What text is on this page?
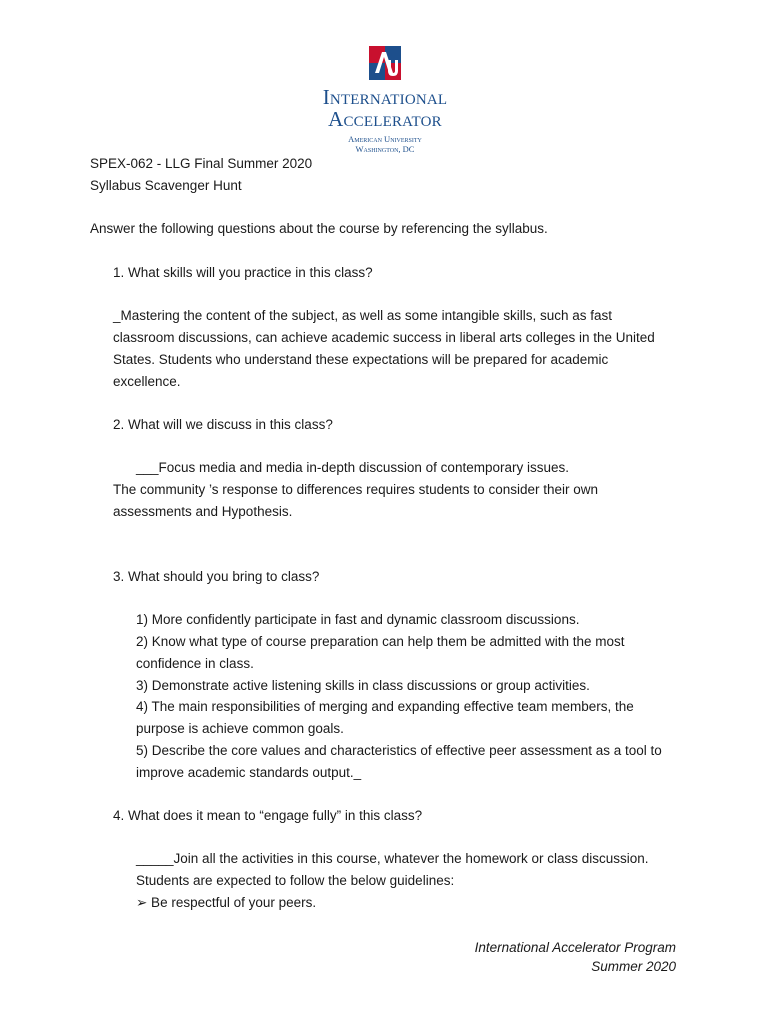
International
Accelerator
American University
Washington, DC
SPEX-062 - LLG Final Summer 2020
Syllabus Scavenger Hunt
Answer the following questions about the course by referencing the syllabus.
1. What skills will you practice in this class?
_Mastering the content of the subject, as well as some intangible skills, such as fast
classroom discussions, can achieve academic success in liberal arts colleges in the United
States. Students who understand these expectations will be prepared for academic
excellence.
2. What will we discuss in this class?
___Focus media and media in-depth discussion of contemporary issues.
The community ’s response to differences requires students to consider their own
assessments and Hypothesis.
3. What should you bring to class?
1) More confidently participate in fast and dynamic classroom discussions.
2) Know what type of course preparation can help them be admitted with the most
confidence in class.
3) Demonstrate active listening skills in class discussions or group activities.
4) The main responsibilities of merging and expanding effective team members, the
purpose is achieve common goals.
5) Describe the core values and characteristics of effective peer assessment as a tool to
improve academic standards output._
4. What does it mean to “engage fully” in this class?
_____Join all the activities in this course, whatever the homework or class discussion.
Students are expected to follow the below guidelines:
➢ Be respectful of your peers.
International Accelerator Program
Summer 2020
